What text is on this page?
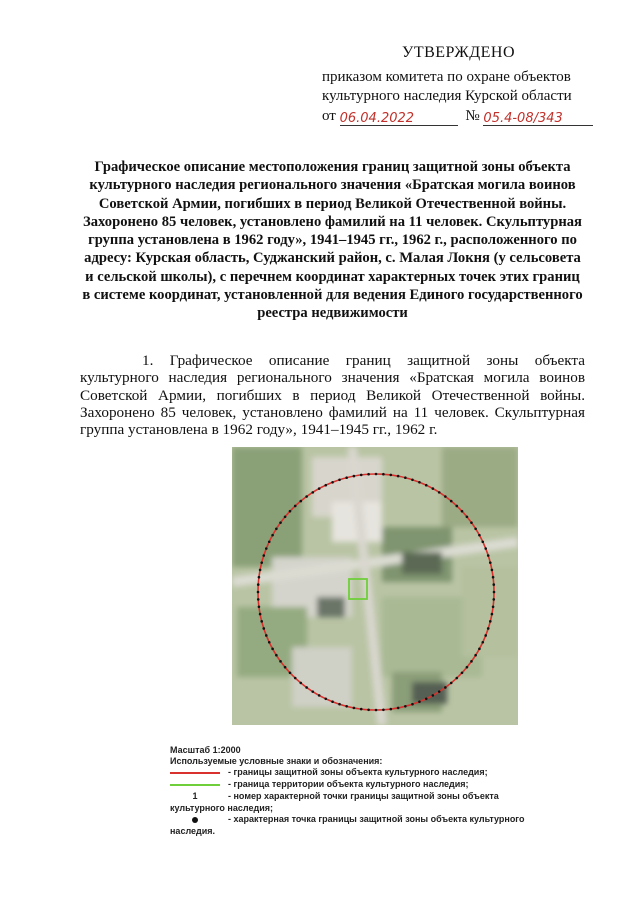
УТВЕРЖДЕНО
приказом комитета по охране объектов
культурного наследия Курской области
от 06.04.2022	№ 05.4-08/343
Графическое описание местоположения границ защитной зоны объекта культурного наследия регионального значения «Братская могила воинов Советской Армии, погибших в период Великой Отечественной войны. Захоронено 85 человек, установлено фамилий на 11 человек. Скульптурная группа установлена в 1962 году», 1941–1945 гг., 1962 г., расположенного по адресу: Курская область, Суджанский район, с. Малая Локня (у сельсовета и сельской школы), с перечнем координат характерных точек этих границ в системе координат, установленной для ведения Единого государственного реестра недвижимости
1. Графическое описание границ защитной зоны объекта культурного наследия регионального значения «Братская могила воинов Советской Армии, погибших в период Великой Отечественной войны. Захоронено 85 человек, установлено фамилий на 11 человек. Скульптурная группа установлена в 1962 году», 1941–1945 гг., 1962 г.
Масштаб 1:2000
Используемые условные знаки и обозначения:
- границы защитной зоны объекта культурного наследия;
- граница территории объекта культурного наследия;
1	- номер характерной точки границы защитной зоны объекта
культурного наследия;
- характерная точка границы защитной зоны объекта культурного
наследия.
